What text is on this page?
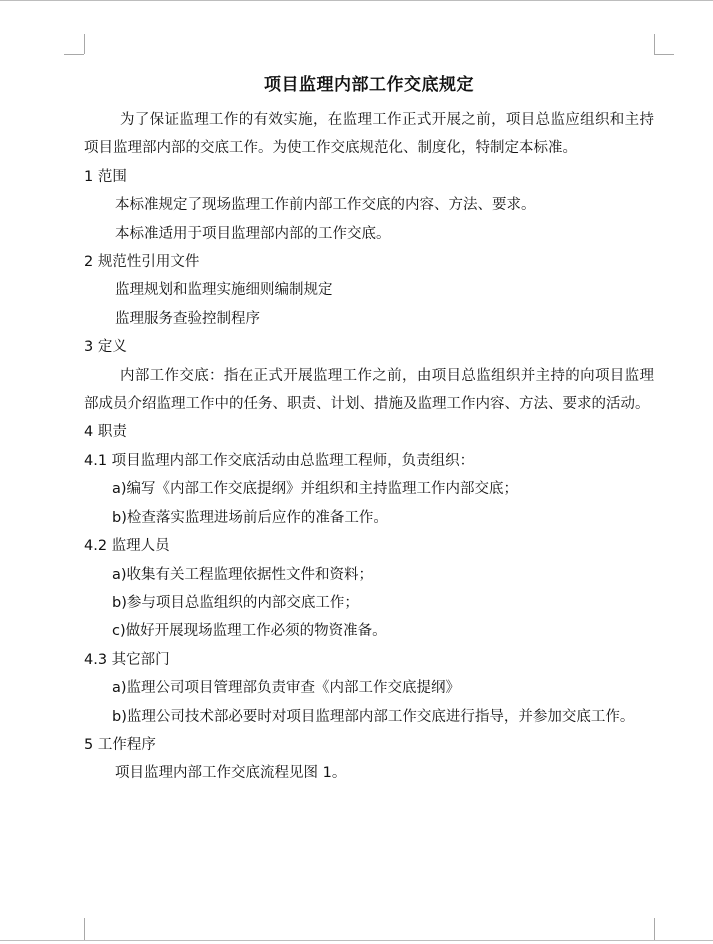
项目监理内部工作交底规定

为了保证监理工作的有效实施，在监理工作正式开展之前，项目总监应组织和主持项目监理部内部的交底工作。为使工作交底规范化、制度化，特制定本标准。

1 范围

本标准规定了现场监理工作前内部工作交底的内容、方法、要求。

本标准适用于项目监理部内部的工作交底。

2 规范性引用文件

监理规划和监理实施细则编制规定

监理服务查验控制程序

3 定义

内部工作交底：指在正式开展监理工作之前，由项目总监组织并主持的向项目监理部成员介绍监理工作中的任务、职责、计划、措施及监理工作内容、方法、要求的活动。

4 职责
4.1 项目监理内部工作交底活动由总监理工程师，负责组织：

a)编写《内部工作交底提纲》并组织和主持监理工作内部交底；

b)检查落实监理进场前后应作的准备工作。

4.2 监理人员

a)收集有关工程监理依据性文件和资料；

b)参与项目总监组织的内部交底工作；

c)做好开展现场监理工作必须的物资准备。

4.3 其它部门

a)监理公司项目管理部负责审查《内部工作交底提纲》

b)监理公司技术部必要时对项目监理部内部工作交底进行指导，并参加交底工作。

5 工作程序

项目监理内部工作交底流程见图 1。
